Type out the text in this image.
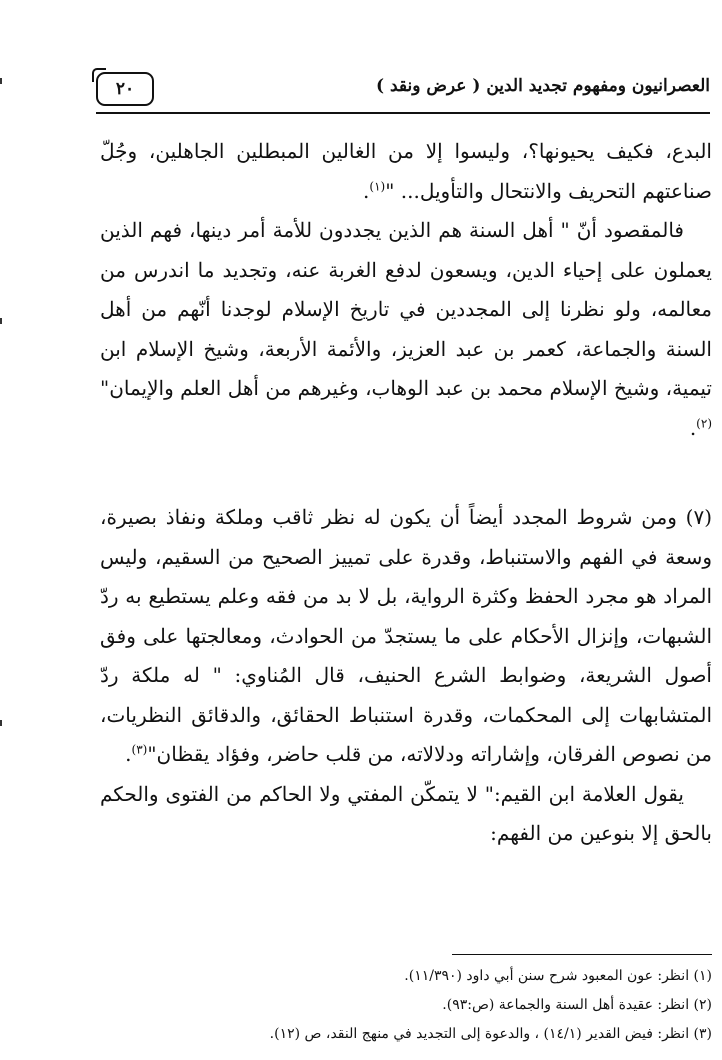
٢٠	العصرانيون ومفهوم تجديد الدين ( عرض ونقد )

البدع، فكيف يحيونها؟، وليسوا إلا من الغالين المبطلين الجاهلين، وجُلّ صناعتهم التحريف والانتحال والتأويل... "$^{(١)}$.

فالمقصود أنّ " أهل السنة هم الذين يجددون للأمة أمر دينها، فهم الذين يعملون على إحياء الدين، ويسعون لدفع الغربة عنه، وتجديد ما اندرس من معالمه، ولو نظرنا إلى المجددين في تاريخ الإسلام لوجدنا أنّهم من أهل السنة والجماعة، كعمر بن عبد العزيز، والأئمة الأربعة، وشيخ الإسلام ابن تيمية، وشيخ الإسلام محمد بن عبد الوهاب، وغيرهم من أهل العلم والإيمان"$^{(٢)}$.

(٧) ومن شروط المجدد أيضاً أن يكون له نظر ثاقب وملكة ونفاذ بصيرة، وسعة في الفهم والاستنباط، وقدرة على تمييز الصحيح من السقيم، وليس المراد هو مجرد الحفظ وكثرة الرواية، بل لا بد من فقه وعلم يستطيع به ردّ الشبهات، وإنزال الأحكام على ما يستجدّ من الحوادث، ومعالجتها على وفق أصول الشريعة، وضوابط الشرع الحنيف، قال المُناوي: " له ملكة ردّ المتشابهات إلى المحكمات، وقدرة استنباط الحقائق، والدقائق النظريات، من نصوص الفرقان، وإشاراته ودلالاته، من قلب حاضر، وفؤاد يقظان"$^{(٣)}$.

يقول العلامة ابن القيم:" لا يتمكّن المفتي ولا الحاكم من الفتوى والحكم بالحق إلا بنوعين من الفهم:

(١) انظر: عون المعبود شرح سنن أبي داود (١١/٣٩٠).

(٢) انظر: عقيدة أهل السنة والجماعة (ص:٩٣).

(٣) انظر: فيض القدير (١٤/١) ، والدعوة إلى التجديد في منهج النقد، ص (١٢).
